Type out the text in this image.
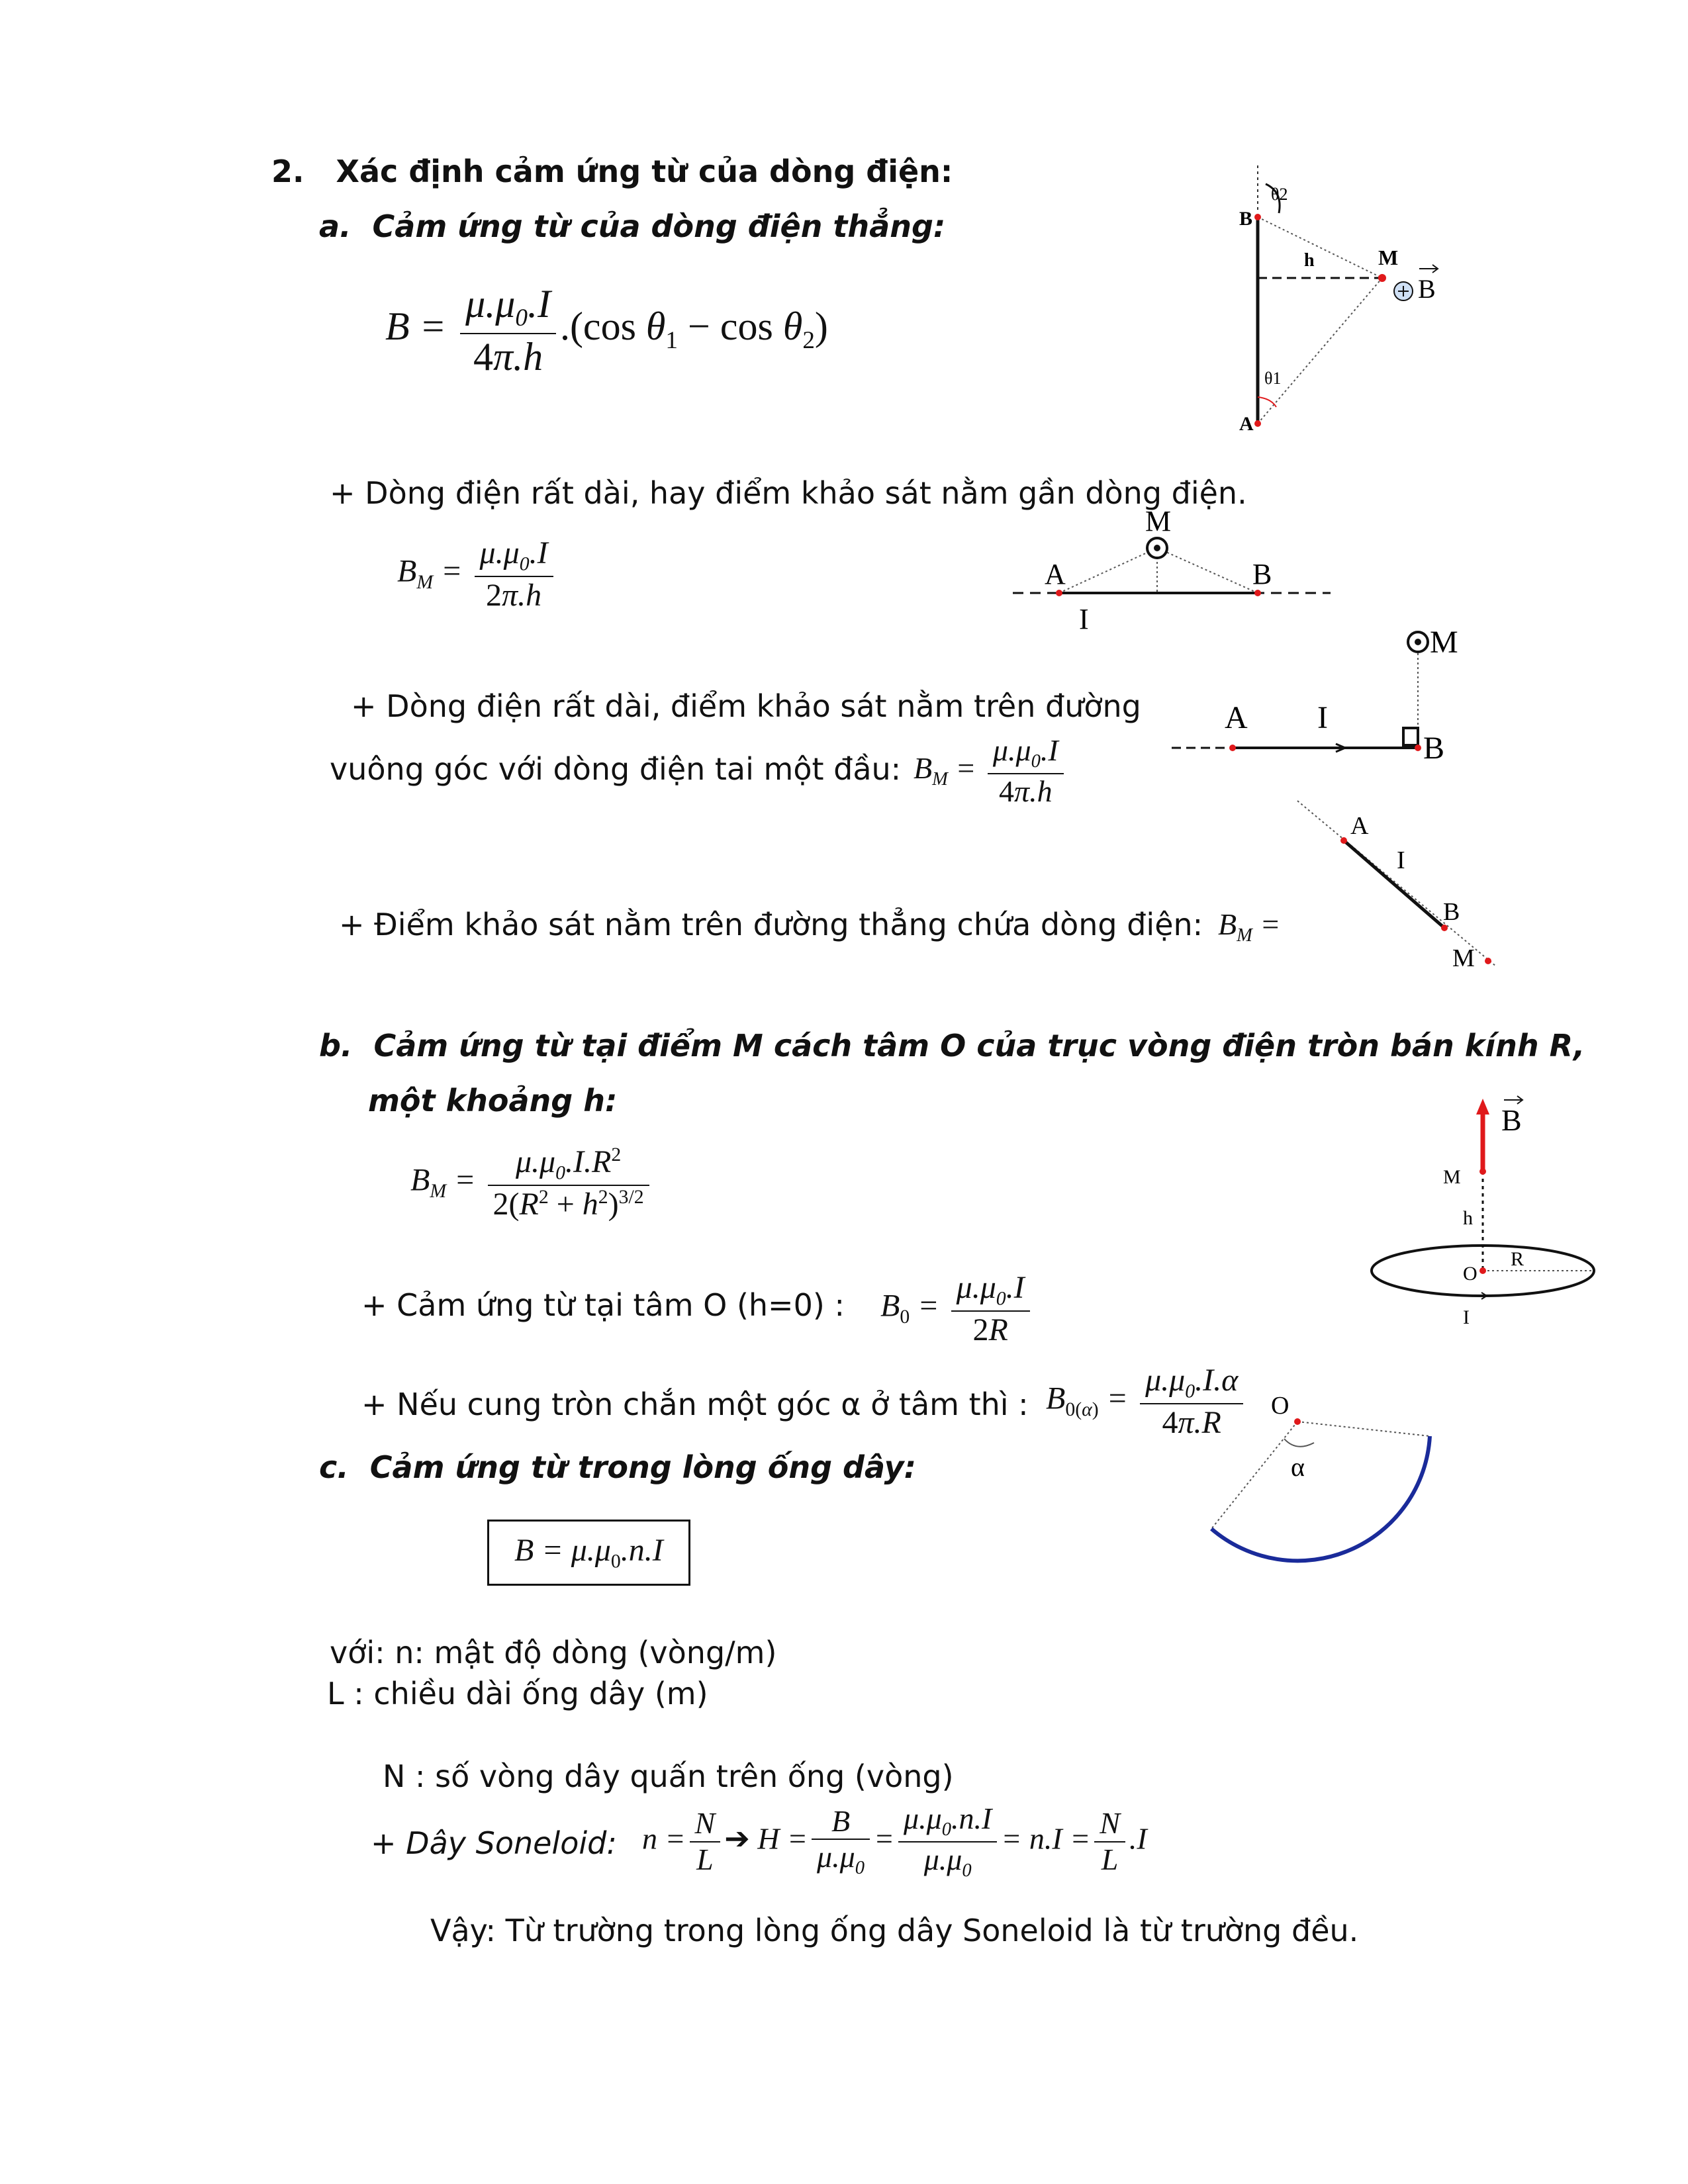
2. Xác định cảm ứng từ của dòng điện:
a. Cảm ứng từ của dòng điện thẳng:
$B = \frac{\mu.\mu_0.I}{4\pi.h} .(\cos$ $\theta_1 - \cos \theta_2$)
B
A
M
h
θ2
θ1
B
+ Dòng điện rất dài, hay điểm khảo sát nằm gần dòng điện.
$B_M = \frac{\mu.\mu_0.I}{2\pi.h}$	A	B
M
I
+ Dòng điện rất dài, điểm khảo sát nằm trên đường
vuông góc với dòng điện tai một đầu: $B_M = \frac{\mu.\mu_0.I}{4\pi.h}$
A I
B
M
+ Điểm khảo sát nằm trên đường thẳng chứa dòng điện: $B_M$ =
A
I
B
M
b. Cảm ứng từ tại điểm M cách tâm O của trục vòng điện tròn bán kính R,
một khoảng h:
$B_M = \frac{\mu.\mu_0.I.R^2}{2(R^2 + h^2)^{3/2}}$	M
h
O
R
I
B
+ Cảm ứng từ tại tâm O (h=0) : $B_0 = \frac{\mu.\mu_0.I}{2R}$
+ Nếu cung tròn chắn một góc α ở tâm thì : $B_{0(\alpha)} = \frac{\mu.\mu_0.I.\alpha}{4\pi.R}$ O
α
c. Cảm ứng từ trong lòng ống dây:
$B = \mu.\mu_0.n.I$
với: n: mật độ dòng (vòng/m)
L : chiều dài ống dây (m)
N : số vòng dây quấn trên ống (vòng)
+ Dây Soneloid: $n = \frac{N}{L}$ ➔ $H = \frac{B}{\mu.\mu_0} = \frac{\mu.\mu_0.n.I}{\mu.\mu_0} = n.I = \frac{N}{L} .I$
Vậy: Từ trường trong lòng ống dây Soneloid là từ trường đều.
